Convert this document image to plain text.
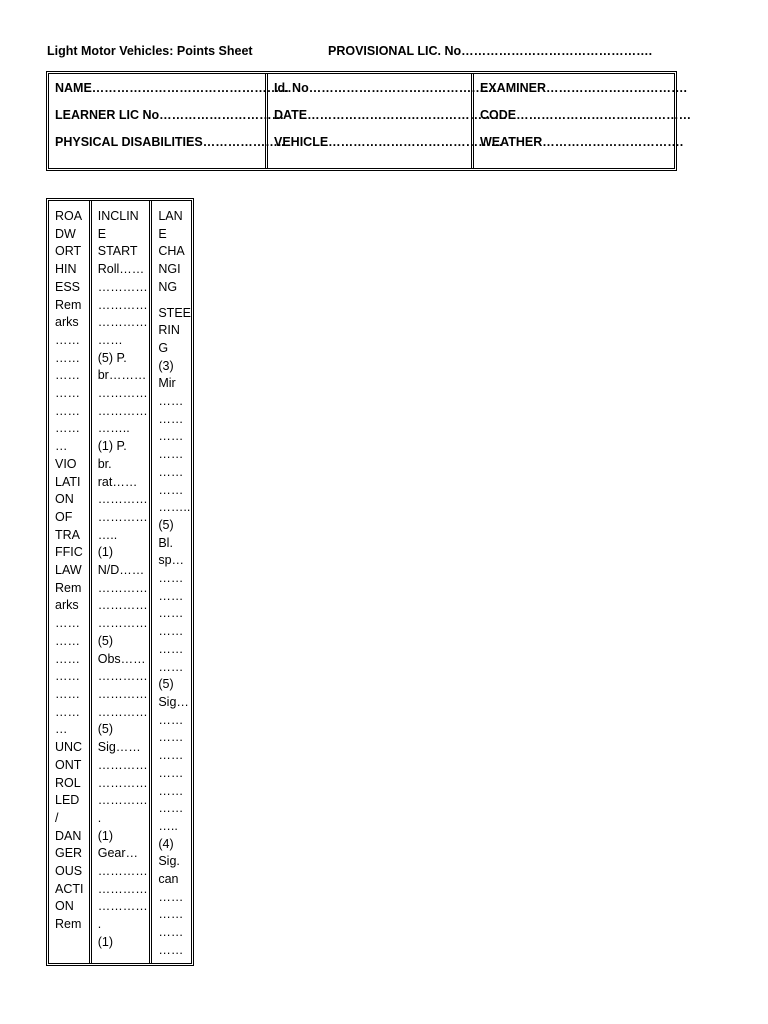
Light Motor Vehicles: Points Sheet	PROVISIONAL LIC. No……………………………………….
NAME…………………………………………
LEARNER LIC No…………………………
PHYSICAL DISABILITIES………………..
Id. No………………………………………
DATE…………………………………………
VEHICLE……………………………………
EXAMINER…………………………….
CODE……………………………………
WEATHER…………………………….
ROA
DW
ORT
HIN
ESS
Rem
arks
……
……
……
……
……
……
…
VIO
LATI
ON
OF
TRA
FFIC
LAW
Rem
arks
……
……
……
……
……
……
…
UNC
ONT
ROL
LED
/
DAN
GER
OUS
ACTI
ON
Rem
INCLIN
E
START
Roll……
…………
…………
…………
……
(5) P.
br………
…………
…………
……..
(1) P.
br.
rat……
…………
…………
…..
(1)
N/D……
…………
…………
…………
(5)
Obs……
…………
…………
…………
(5)
Sig……
…………
…………
…………
.
(1)
Gear…
…………
…………
…………
.
(1)
LAN
E
CHA
NGI
NG
STEE
RIN
G
(3)
Mir
……
……
……
……
……
……
……..
(5)
Bl.
sp…
……
……
……
……
……
……
(5)
Sig…
……
……
……
……
……
……
…..
(4)
Sig.
can
……
……
……
……
